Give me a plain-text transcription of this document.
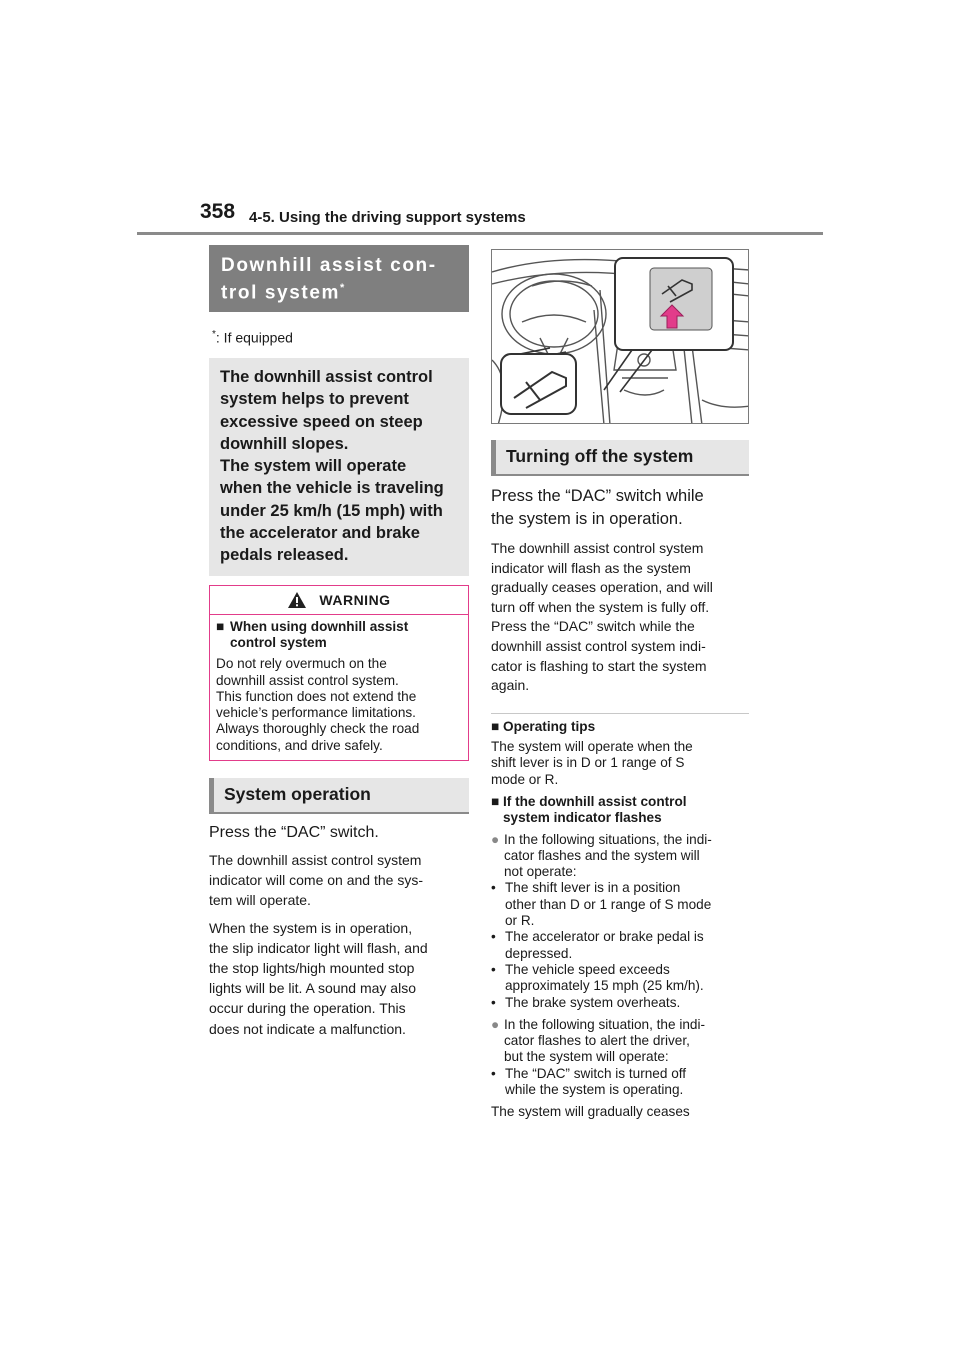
358 4-5. Using the driving support systems
Downhill assist con-
trol system*
*: If equipped
The downhill assist control
system helps to prevent
excessive speed on steep
downhill slopes.
The system will operate
when the vehicle is traveling
under 25 km/h (15 mph) with
the accelerator and brake
pedals released.
WARNING
■ When using downhill assist
control system
Do not rely overmuch on the
downhill assist control system.
This function does not extend the
vehicle’s performance limitations.
Always thoroughly check the road
conditions, and drive safely.
System operation
Press the “DAC” switch.
The downhill assist control system
indicator will come on and the sys-
tem will operate.
When the system is in operation,
the slip indicator light will flash, and
the stop lights/high mounted stop
lights will be lit. A sound may also
occur during the operation. This
does not indicate a malfunction.
Turning off the system
Press the “DAC” switch while
the system is in operation.
The downhill assist control system
indicator will flash as the system
gradually ceases operation, and will
turn off when the system is fully off.
Press the “DAC” switch while the
downhill assist control system indi-
cator is flashing to start the system
again.
■ Operating tips
The system will operate when the
shift lever is in D or 1 range of S
mode or R.
■ If the downhill assist control
system indicator flashes
● In the following situations, the indi-
cator flashes and the system will
not operate:
• The shift lever is in a position
other than D or 1 range of S mode
or R.
• The accelerator or brake pedal is
depressed.
• The vehicle speed exceeds
approximately 15 mph (25 km/h).
• The brake system overheats.
● In the following situation, the indi-
cator flashes to alert the driver,
but the system will operate:
• The “DAC” switch is turned off
while the system is operating.
The system will gradually ceases
